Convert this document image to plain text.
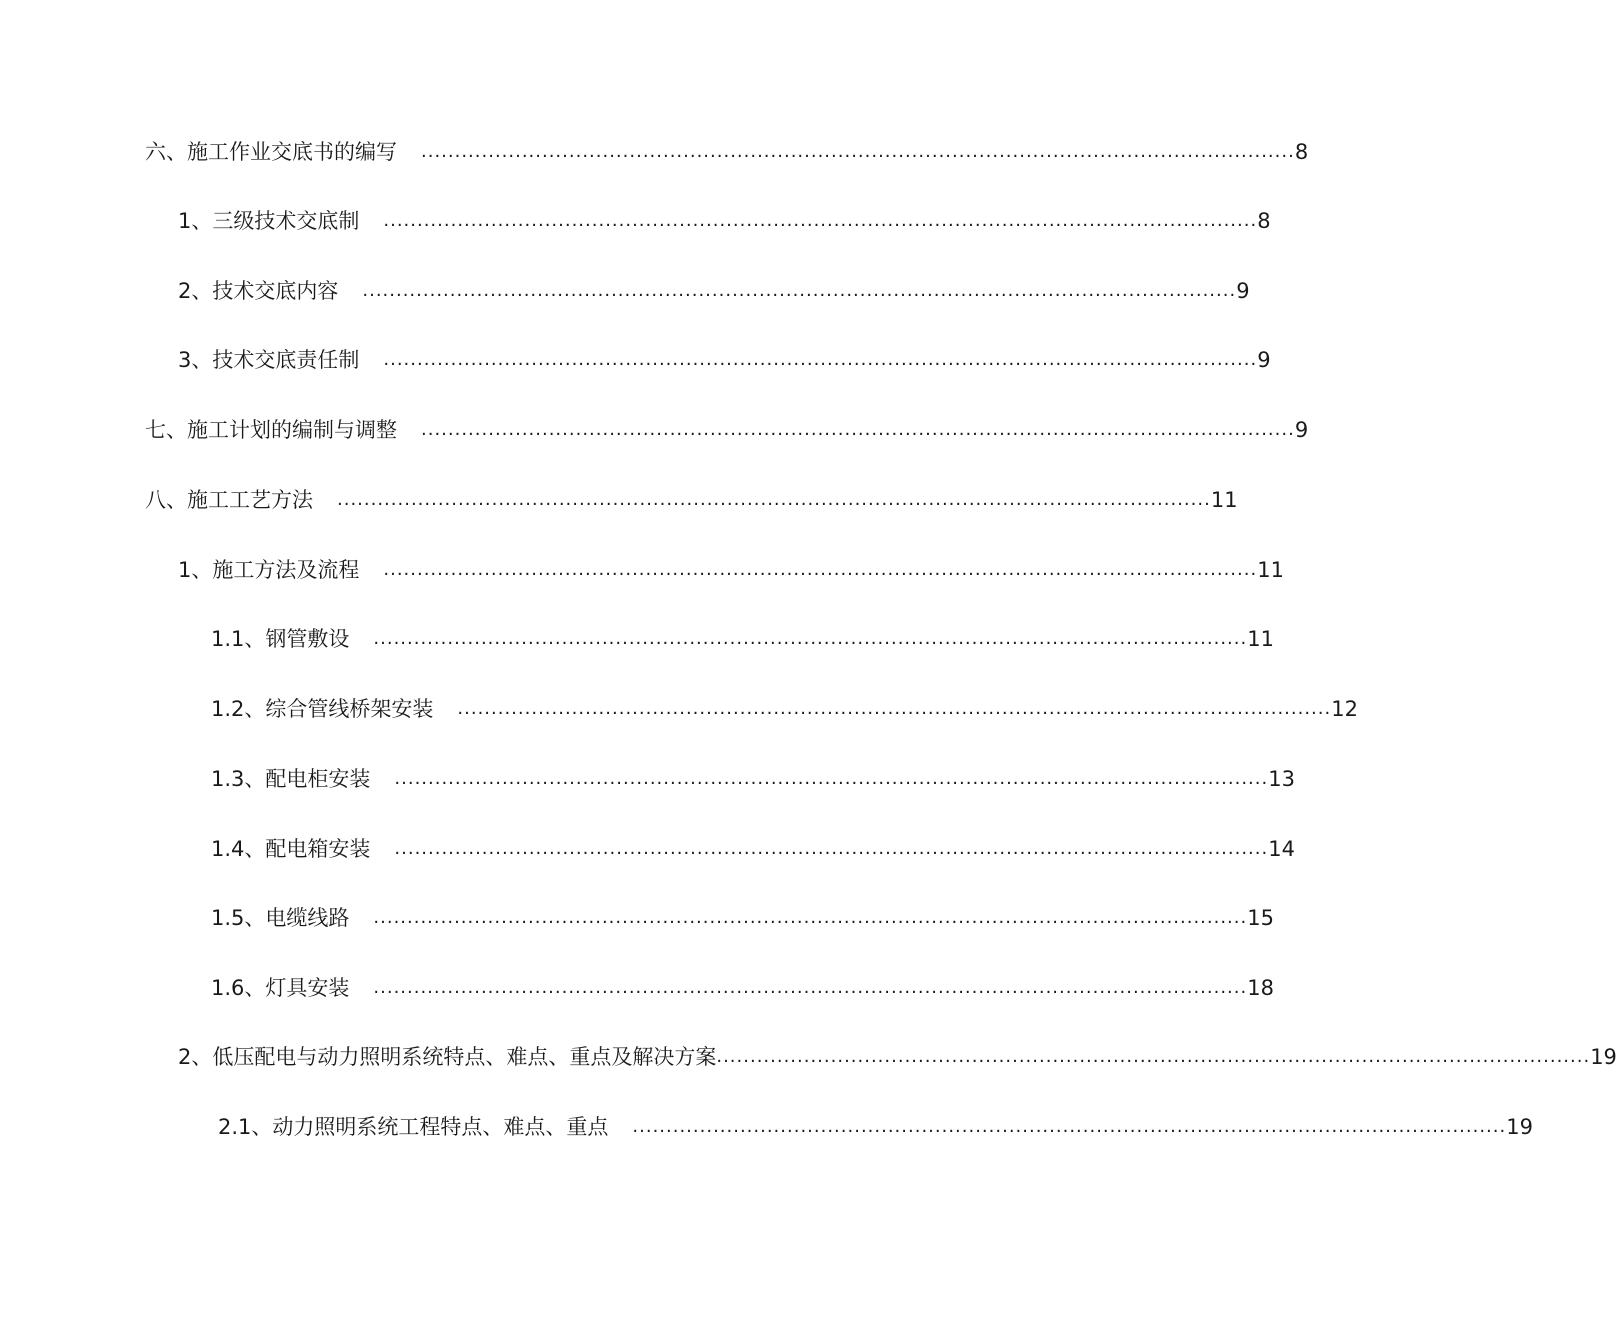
六、施工作业交底书的编写 .................................................................................................................................. 8
1、三级技术交底制 .................................................................................................................................. 8
2、技术交底内容 .................................................................................................................................. 9
3、技术交底责任制 .................................................................................................................................. 9
七、施工计划的编制与调整 .................................................................................................................................. 9
八、施工工艺方法 .................................................................................................................................. 11
1、施工方法及流程 .................................................................................................................................. 11
1.1、钢管敷设 .................................................................................................................................. 11
1.2、综合管线桥架安装 .................................................................................................................................. 12
1.3、配电柜安装 .................................................................................................................................. 13
1.4、配电箱安装 .................................................................................................................................. 14
1.5、电缆线路 .................................................................................................................................. 15
1.6、灯具安装 .................................................................................................................................. 18
2、低压配电与动力照明系统特点、难点、重点及解决方案 .................................................................................................................................. 19
2.1、动力照明系统工程特点、难点、重点 .................................................................................................................................. 19
